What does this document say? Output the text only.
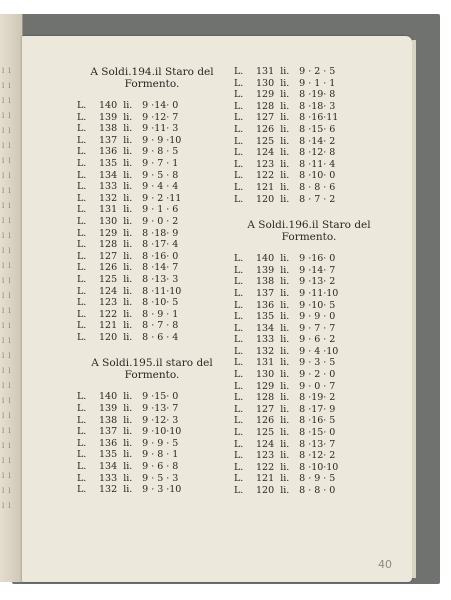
l l
l l
l l
l l
l l
l l
l l
l l
l l
l l
l l
l l
l l
l l
l l
l l
l l
l l
l l
l l
l l
l l
l l
l l
l l
l l
l l
l l
l l
l l
A Soldi.194.il Staro del
Formento.
L. 140 li. 9 ·14· 0
L. 139 li. 9 ·12· 7
L. 138 li. 9 ·11· 3
L. 137 li. 9 · 9 ·10
L. 136 li. 9 · 8 · 5
L. 135 li. 9 · 7 · 1
L. 134 li. 9 · 5 · 8
L. 133 li. 9 · 4 · 4
L. 132 li. 9 · 2 ·11
L. 131 li. 9 · 1 · 6
L. 130 li. 9 · 0 · 2
L. 129 li. 8 ·18· 9
L. 128 li. 8 ·17· 4
L. 127 li. 8 ·16· 0
L. 126 li. 8 ·14· 7
L. 125 li. 8 ·13· 3
L. 124 li. 8 ·11·10
L. 123 li. 8 ·10· 5
L. 122 li. 8 · 9 · 1
L. 121 li. 8 · 7 · 8
L. 120 li. 8 · 6 · 4
A Soldi.195.il staro del
Formento.
L. 140 li. 9 ·15· 0
L. 139 li. 9 ·13· 7
L. 138 li. 9 ·12· 3
L. 137 li. 9 ·10·10
L. 136 li. 9 · 9 · 5
L. 135 li. 9 · 8 · 1
L. 134 li. 9 · 6 · 8
L. 133 li. 9 · 5 · 3
L. 132 li. 9 · 3 ·10
L. 131 li. 9 · 2 · 5
L. 130 li. 9 · 1 · 1
L. 129 li. 8 ·19· 8
L. 128 li. 8 ·18· 3
L. 127 li. 8 ·16·11
L. 126 li. 8 ·15· 6
L. 125 li. 8 ·14· 2
L. 124 li. 8 ·12· 8
L. 123 li. 8 ·11· 4
L. 122 li. 8 ·10· 0
L. 121 li. 8 · 8 · 6
L. 120 li. 8 · 7 · 2
A Soldi.196.il Staro del
Formento.
L. 140 li. 9 ·16· 0
L. 139 li. 9 ·14· 7
L. 138 li. 9 ·13· 2
L. 137 li. 9 ·11·10
L. 136 li. 9 ·10· 5
L. 135 li. 9 · 9 · 0
L. 134 li. 9 · 7 · 7
L. 133 li. 9 · 6 · 2
L. 132 li. 9 · 4 ·10
L. 131 li. 9 · 3 · 5
L. 130 li. 9 · 2 · 0
L. 129 li. 9 · 0 · 7
L. 128 li. 8 ·19· 2
L. 127 li. 8 ·17· 9
L. 126 li. 8 ·16· 5
L. 125 li. 8 ·15· 0
L. 124 li. 8 ·13· 7
L. 123 li. 8 ·12· 2
L. 122 li. 8 ·10·10
L. 121 li. 8 · 9 · 5
L. 120 li. 8 · 8 · 0
40
